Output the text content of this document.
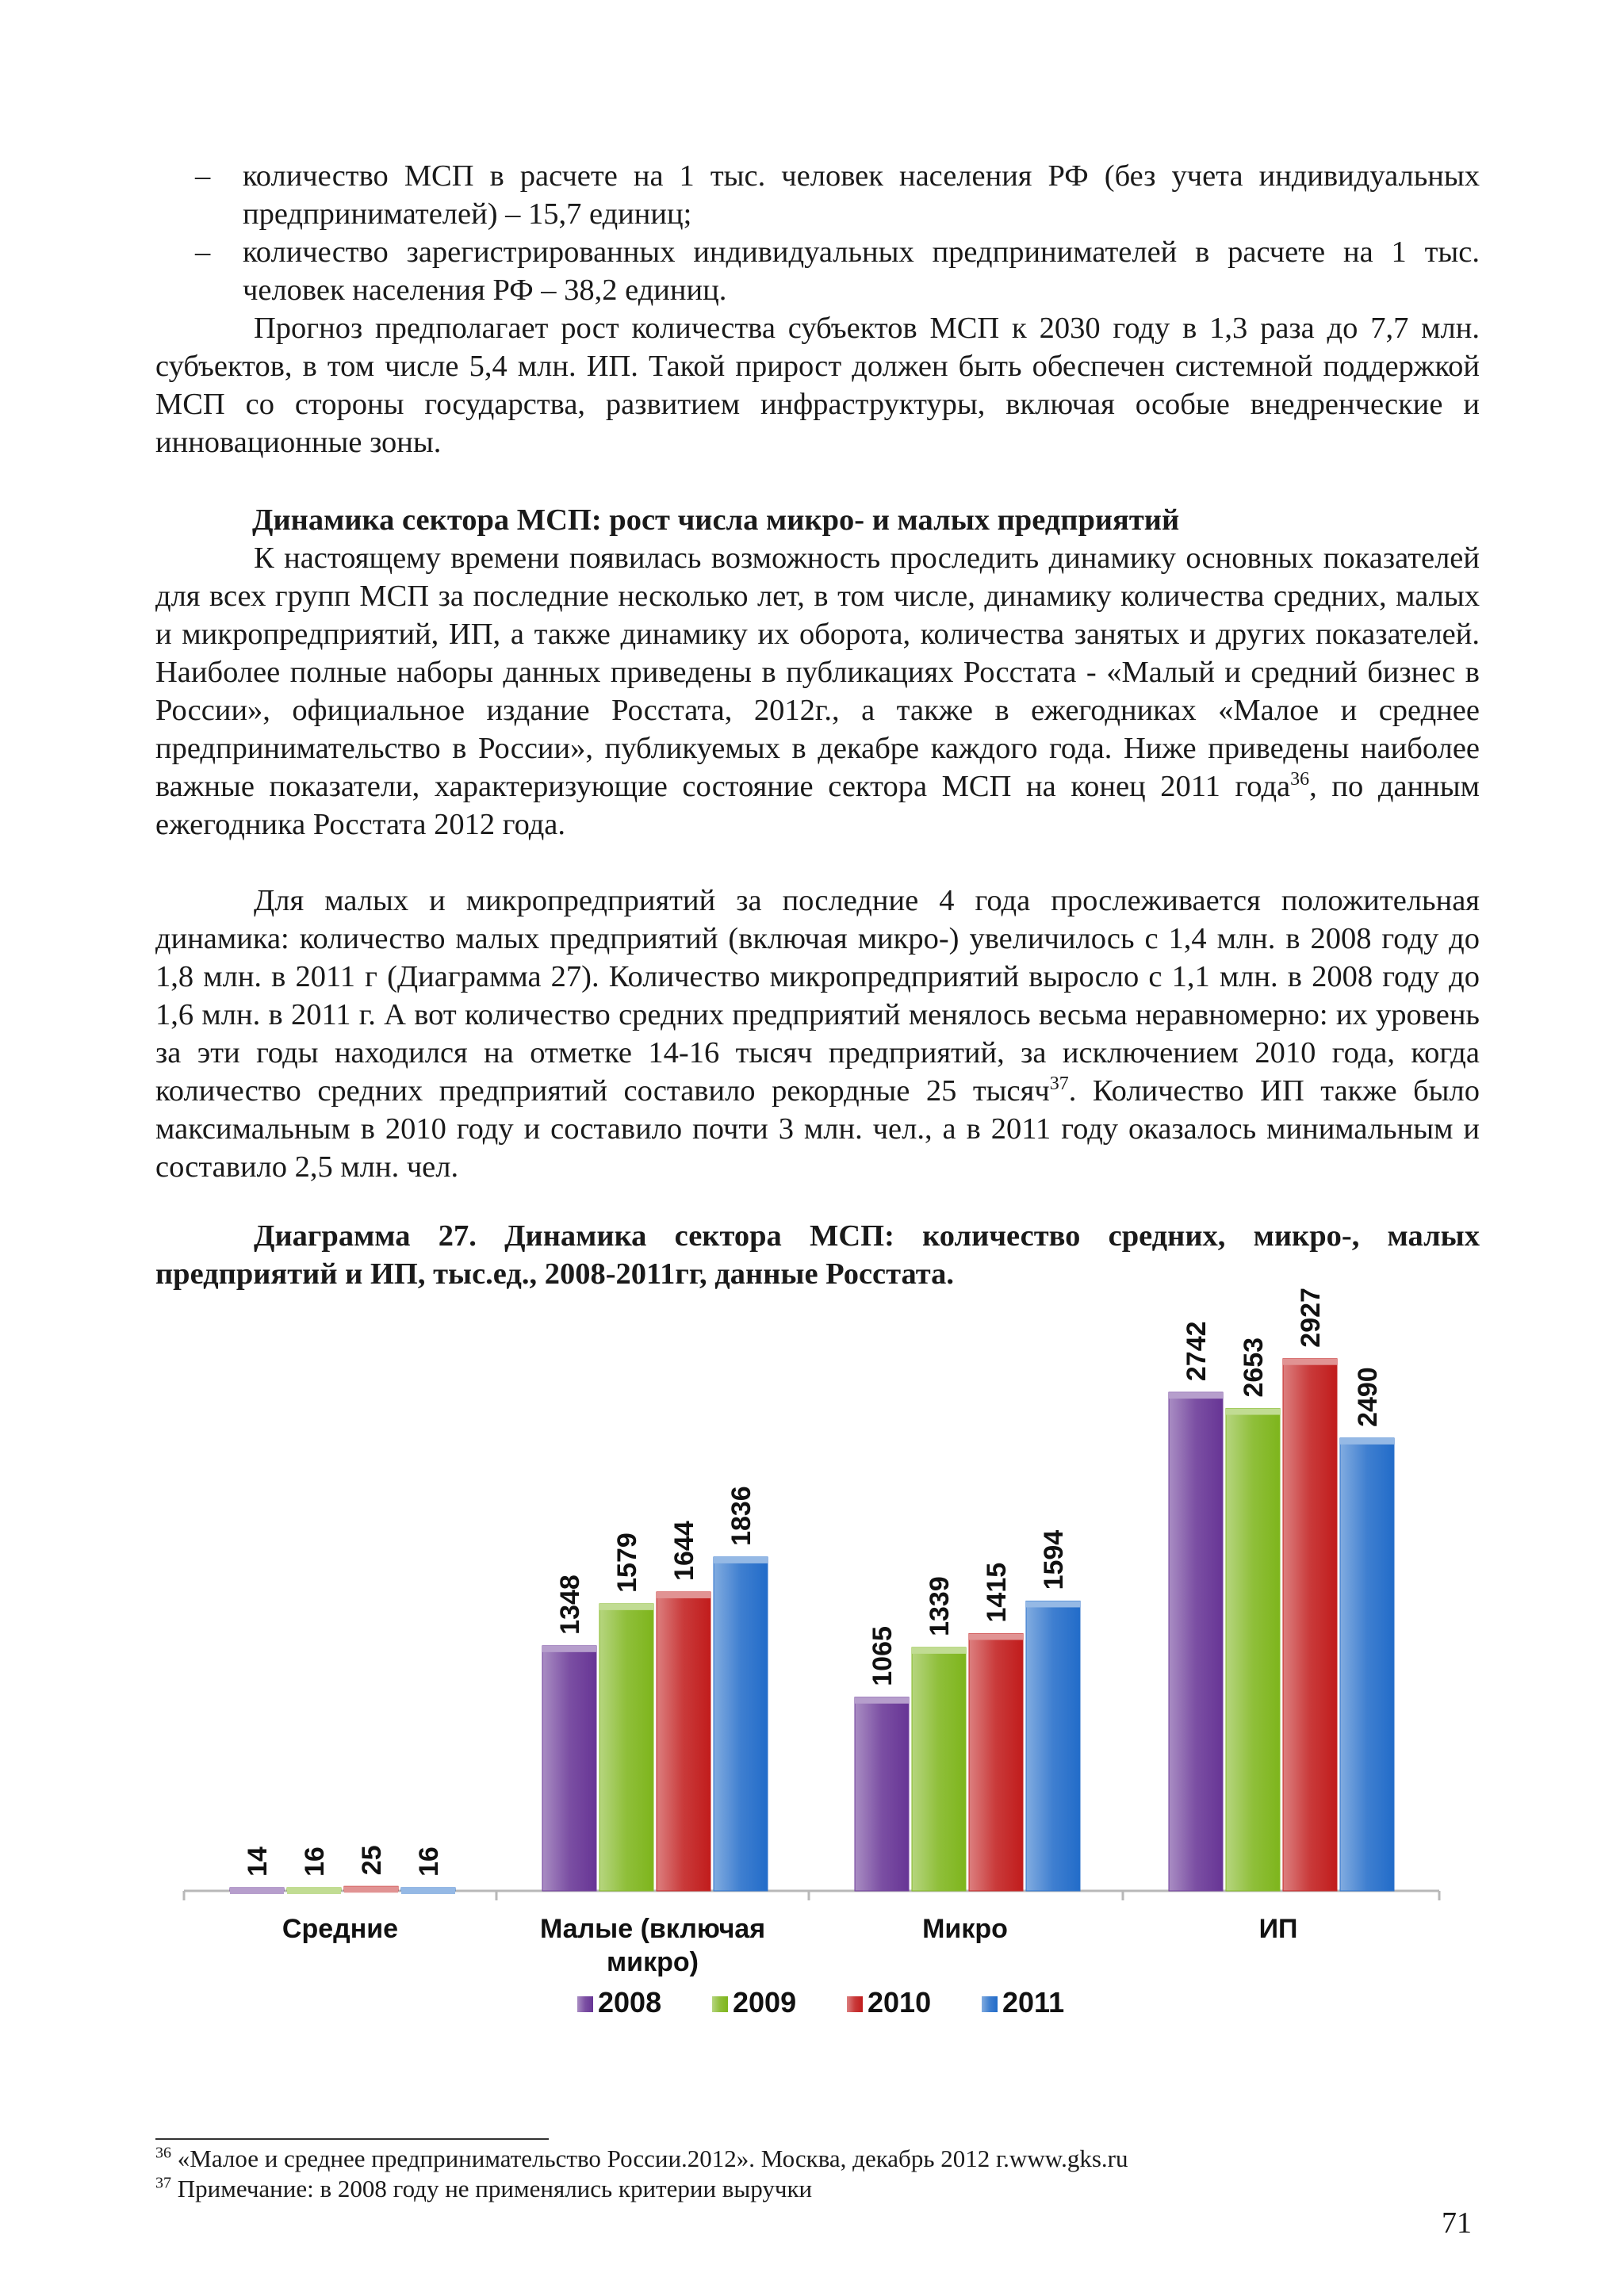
– количество МСП в расчете на 1 тыс. человек населения РФ (без учета индивидуальных предпринимателей) – 15,7 единиц;
– количество зарегистрированных индивидуальных предпринимателей в расчете на 1 тыс. человек населения РФ – 38,2 единиц.
Прогноз предполагает рост количества субъектов МСП к 2030 году в 1,3 раза до 7,7 млн. субъектов, в том числе 5,4 млн. ИП. Такой прирост должен быть обеспечен системной поддержкой МСП со стороны государства, развитием инфраструктуры, включая особые внедренческие и инновационные зоны.
Динамика сектора МСП: рост числа микро- и малых предприятий
К настоящему времени появилась возможность проследить динамику основных показателей для всех групп МСП за последние несколько лет, в том числе, динамику количества средних, малых и микропредприятий, ИП, а также динамику их оборота, количества занятых и других показателей. Наиболее полные наборы данных приведены в публикациях Росстата - «Малый и средний бизнес в России», официальное издание Росстата, 2012г., а также в ежегодниках «Малое и среднее предпринимательство в России», публикуемых в декабре каждого года. Ниже приведены наиболее важные показатели, характеризующие состояние сектора МСП на конец 2011 года$^{36}$, по данным ежегодника Росстата 2012 года.
Для малых и микропредприятий за последние 4 года прослеживается положительная динамика: количество малых предприятий (включая микро-) увеличилось с 1,4 млн. в 2008 году до 1,8 млн. в 2011 г (Диаграмма 27). Количество микропредприятий выросло с 1,1 млн. в 2008 году до 1,6 млн. в 2011 г. А вот количество средних предприятий менялось весьма неравномерно: их уровень за эти годы находился на отметке 14-16 тысяч предприятий, за исключением 2010 года, когда количество средних предприятий составило рекордные 25 тысяч$^{37}$. Количество ИП также было максимальным в 2010 году и составило почти 3 млн. чел., а в 2011 году оказалось минимальным и составило 2,5 млн. чел.
Диаграмма 27. Динамика сектора МСП: количество средних, микро-, малых предприятий и ИП, тыс.ед., 2008-2011гг, данные Росстата.
14 16 25 16
1348
1579 1644
1836
1065
1339 1415
1594
2742 2653
2927
2490
Средние	Малые (включая микро)
Микро	ИП
2008 2009 2010 2011
$^{36}$ «Малое и среднее предпринимательство России.2012». Москва, декабрь 2012 г.www.gks.ru
$^{37}$ Примечание: в 2008 году не применялись критерии выручки
71
